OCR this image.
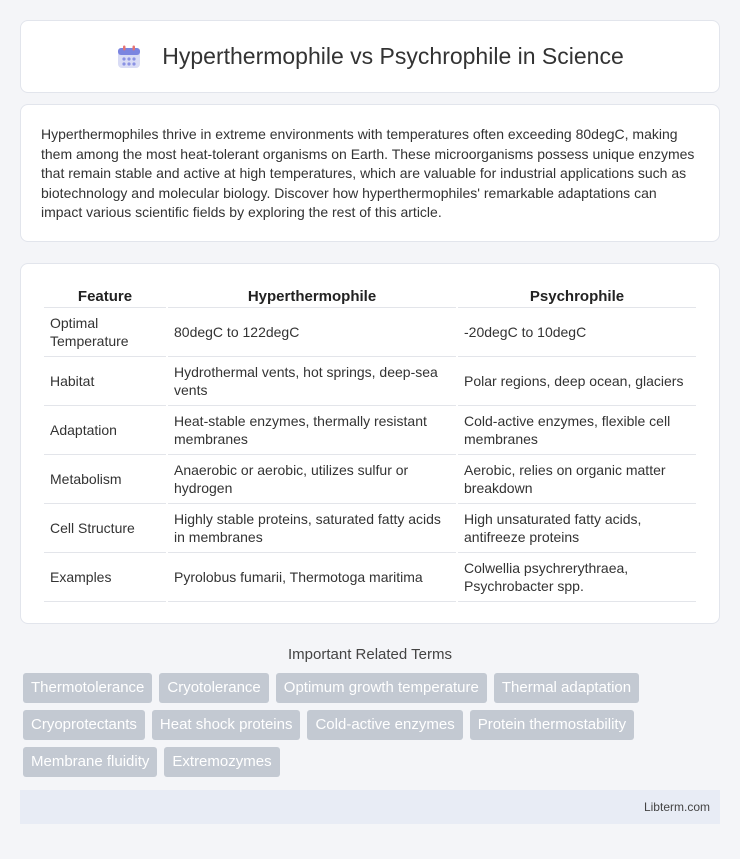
Hyperthermophile vs Psychrophile in Science

Hyperthermophiles thrive in extreme environments with temperatures often exceeding 80degC, making them among the most heat-tolerant organisms on Earth. These microorganisms possess unique enzymes that remain stable and active at high temperatures, which are valuable for industrial applications such as biotechnology and molecular biology. Discover how hyperthermophiles' remarkable adaptations can impact various scientific fields by exploring the rest of this article.

Feature	Hyperthermophile	Psychrophile
Optimal Temperature	80degC to 122degC	-20degC to 10degC
Habitat	Hydrothermal vents, hot springs, deep-sea vents	Polar regions, deep ocean, glaciers
Adaptation	Heat-stable enzymes, thermally resistant membranes	Cold-active enzymes, flexible cell membranes
Metabolism	Anaerobic or aerobic, utilizes sulfur or hydrogen	Aerobic, relies on organic matter breakdown
Cell Structure	Highly stable proteins, saturated fatty acids in membranes	High unsaturated fatty acids, antifreeze proteins
Examples	Pyrolobus fumarii, Thermotoga maritima	Colwellia psychrerythraea, Psychrobacter spp.
Important Related Terms
Thermotolerance	Cryotolerance	Optimum growth temperature	Thermal adaptation
Cryoprotectants	Heat shock proteins	Cold-active enzymes	Protein thermostability
Membrane fluidity	Extremozymes
Libterm.com
